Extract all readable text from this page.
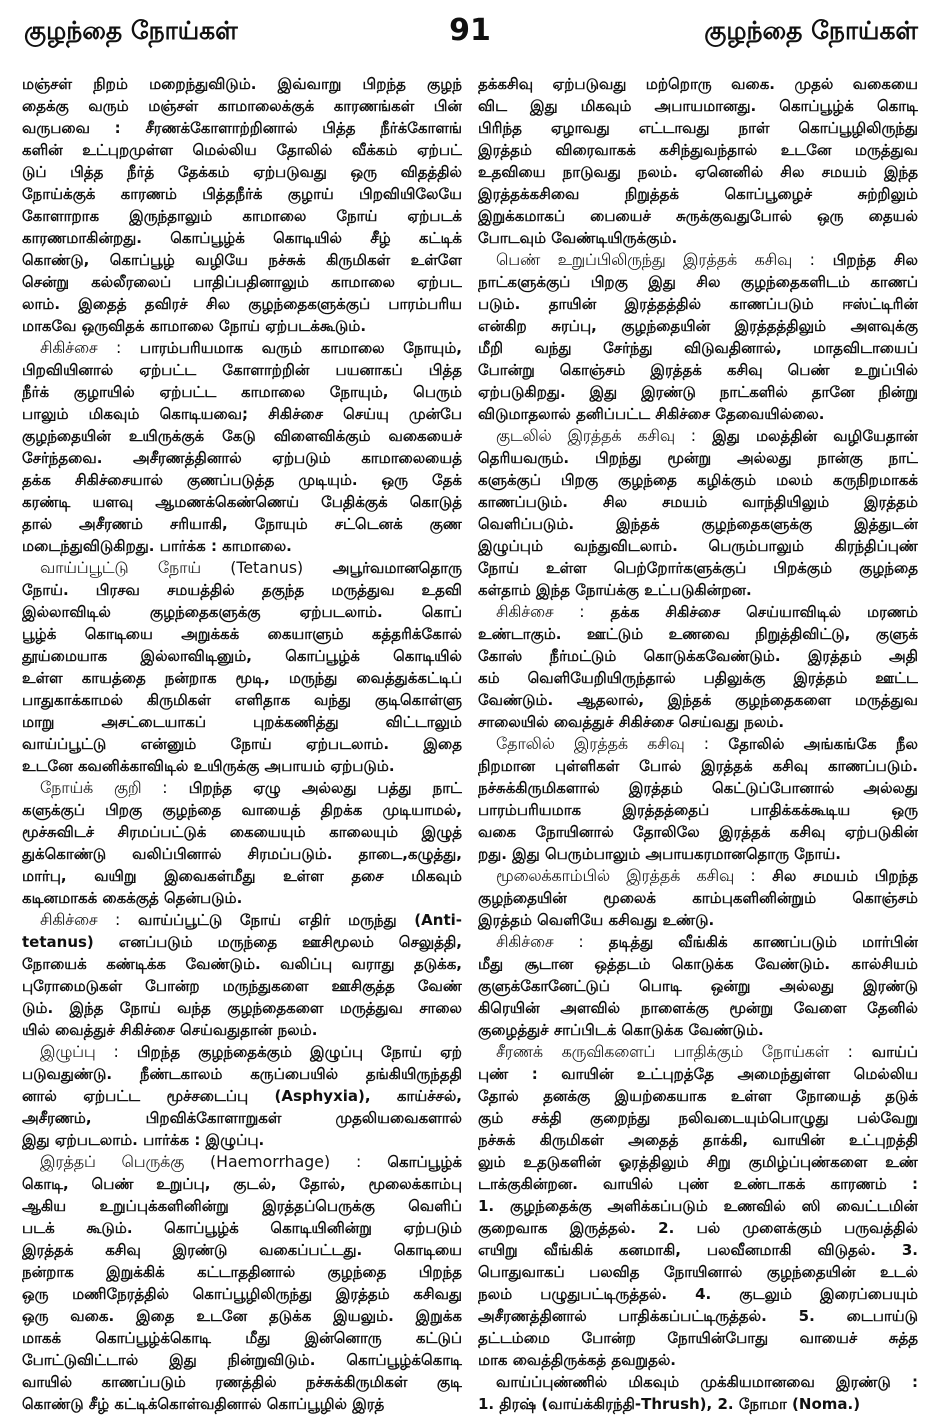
குழந்தை நோய்கள்	91	குழந்தை நோய்கள்
மஞ்சள் நிறம் மறைந்துவிடும். இவ்வாறு பிறந்த குழந்
தைக்கு வரும் மஞ்சள் காமாலைக்குக் காரணங்கள் பின்
வருபவை : சீரணக்கோளாற்றினால் பித்த நீர்க்கோளங்
களின் உட்புறமுள்ள மெல்லிய தோலில் வீக்கம் ஏற்பட்
டுப் பித்த நீர்த் தேக்கம் ஏற்படுவது ஒரு விதத்தில்
நோய்க்குக் காரணம் பித்தநீர்க் குழாய் பிறவியிலேயே
கோளாறாக இருந்தாலும் காமாலை நோய் ஏற்படக்
காரணமாகின்றது. கொப்பூழ்க் கொடியில் சீழ் கட்டிக்
கொண்டு, கொப்பூழ் வழியே நச்சுக் கிருமிகள் உள்ளே
சென்று கல்லீரலைப் பாதிப்பதினாலும் காமாலை ஏற்பட
லாம். இதைத் தவிரச் சில குழந்தைகளுக்குப் பாரம்பரிய
மாகவே ஒருவிதக் காமாலை நோய் ஏற்படக்கூடும்.
சிகிச்சை : பாரம்பரியமாக வரும் காமாலை நோயும்,
பிறவியினால் ஏற்பட்ட கோளாற்றின் பயனாகப் பித்த
நீர்க் குழாயில் ஏற்பட்ட காமாலை நோயும், பெரும்
பாலும் மிகவும் கொடியவை; சிகிச்சை செய்யு முன்பே
குழந்தையின் உயிருக்குக் கேடு விளைவிக்கும் வகையைச்
சேர்ந்தவை. அசீரணத்தினால் ஏற்படும் காமாலையைத்
தக்க சிகிச்சையால் குணப்படுத்த முடியும். ஒரு தேக்
கரண்டி யளவு ஆமணக்கெண்ணெய் பேதிக்குக் கொடுத்
தால் அசீரணம் சரியாகி, நோயும் சட்டெனக் குண
மடைந்துவிடுகிறது. பார்க்க : காமாலை.
வாய்ப்பூட்டு நோய் (Tetanus) அபூர்வமானதொரு
நோய். பிரசவ சமயத்தில் தகுந்த மருத்துவ உதவி
இல்லாவிடில் குழந்தைகளுக்கு ஏற்படலாம். கொப்
பூழ்க் கொடியை அறுக்கக் கையாளும் கத்தரிக்கோல்
தூய்மையாக இல்லாவிடினும், கொப்பூழ்க் கொடியில்
உள்ள காயத்தை நன்றாக மூடி, மருந்து வைத்துக்கட்டிப்
பாதுகாக்காமல் கிருமிகள் எளிதாக வந்து குடிகொள்ளு
மாறு அசட்டையாகப் புறக்கணித்து விட்டாலும்
வாய்ப்பூட்டு என்னும் நோய் ஏற்படலாம். இதை
உடனே கவனிக்காவிடில் உயிருக்கு அபாயம் ஏற்படும்.
நோய்க் குறி : பிறந்த ஏழு அல்லது பத்து நாட்
களுக்குப் பிறகு குழந்தை வாயைத் திறக்க முடியாமல்,
மூச்சுவிடச் சிரமப்பட்டுக் கையையும் காலையும் இழுத்
துக்கொண்டு வலிப்பினால் சிரமப்படும். தாடை,கழுத்து,
மார்பு, வயிறு இவைகள்மீது உள்ள தசை மிகவும்
கடினமாகக் கைக்குத் தென்படும்.
சிகிச்சை : வாய்ப்பூட்டு நோய் எதிர் மருந்து (Anti-
tetanus) எனப்படும் மருந்தை ஊசிமூலம் செலுத்தி,
நோயைக் கண்டிக்க வேண்டும். வலிப்பு வராது தடுக்க,
புரோமைடுகள் போன்ற மருந்துகளை ஊசிகுத்த வேண்
டும். இந்த நோய் வந்த குழந்தைகளை மருத்துவ சாலை
யில் வைத்துச் சிகிச்சை செய்வதுதான் நலம்.
இழுப்பு : பிறந்த குழந்தைக்கும் இழுப்பு நோய் ஏற்
படுவதுண்டு. நீண்டகாலம் கருப்பையில் தங்கியிருந்ததி
னால் ஏற்பட்ட மூச்சடைப்பு (Asphyxia), காய்ச்சல்,
அசீரணம், பிறவிக்கோளாறுகள் முதலியவைகளால்
இது ஏற்படலாம். பார்க்க : இழுப்பு.
இரத்தப் பெருக்கு (Haemorrhage) : கொப்பூழ்க்
கொடி, பெண் உறுப்பு, குடல், தோல், மூலைக்காம்பு
ஆகிய உறுப்புக்களினின்று இரத்தப்பெருக்கு வெளிப்
படக் கூடும். கொப்பூழ்க் கொடியினின்று ஏற்படும்
இரத்தக் கசிவு இரண்டு வகைப்பட்டது. கொடியை
நன்றாக இறுக்கிக் கட்டாததினால் குழந்தை பிறந்த
ஒரு மணிநேரத்தில் கொப்பூழிலிருந்து இரத்தம் கசிவது
ஒரு வகை. இதை உடனே தடுக்க இயலும். இறுக்க
மாகக் கொப்பூழ்க்கொடி மீது இன்னொரு கட்டுப்
போட்டுவிட்டால் இது நின்றுவிடும். கொப்பூழ்க்கொடி
வாயில் காணப்படும் ரணத்தில் நச்சுக்கிருமிகள் குடி
கொண்டு சீழ் கட்டிக்கொள்வதினால் கொப்பூழில் இரத்
தக்கசிவு ஏற்படுவது மற்றொரு வகை. முதல் வகையை
விட இது மிகவும் அபாயமானது. கொப்பூழ்க் கொடி
பிரிந்த ஏழாவது எட்டாவது நாள் கொப்பூழிலிருந்து
இரத்தம் விரைவாகக் கசிந்துவந்தால் உடனே மருத்துவ
உதவியை நாடுவது நலம். ஏனெனில் சில சமயம் இந்த
இரத்தக்கசிவை நிறுத்தக் கொப்பூழைச் சுற்றிலும்
இறுக்கமாகப் பையைச் சுருக்குவதுபோல் ஒரு தையல்
போடவும் வேண்டியிருக்கும்.
பெண் உறுப்பிலிருந்து இரத்தக் கசிவு : பிறந்த சில
நாட்களுக்குப் பிறகு இது சில குழந்தைகளிடம் காணப்
படும். தாயின் இரத்தத்தில் காணப்படும் ஈஸ்ட்டிரின்
என்கிற சுரப்பு, குழந்தையின் இரத்தத்திலும் அளவுக்கு
மீறி வந்து சேர்ந்து விடுவதினால், மாதவிடாயைப்
போன்று கொஞ்சம் இரத்தக் கசிவு பெண் உறுப்பில்
ஏற்படுகிறது. இது இரண்டு நாட்களில் தானே நின்று
விடுமாதலால் தனிப்பட்ட சிகிச்சை தேவையில்லை.
குடலில் இரத்தக் கசிவு : இது மலத்தின் வழியேதான்
தெரியவரும். பிறந்து மூன்று அல்லது நான்கு நாட்
களுக்குப் பிறகு குழந்தை கழிக்கும் மலம் கருநிறமாகக்
காணப்படும். சில சமயம் வாந்தியிலும் இரத்தம்
வெளிப்படும். இந்தக் குழந்தைகளுக்கு இத்துடன்
இழுப்பும் வந்துவிடலாம். பெரும்பாலும் கிரந்திப்புண்
நோய் உள்ள பெற்றோர்களுக்குப் பிறக்கும் குழந்தை
கள்தாம் இந்த நோய்க்கு உட்படுகின்றன.
சிகிச்சை : தக்க சிகிச்சை செய்யாவிடில் மரணம்
உண்டாகும். ஊட்டும் உணவை நிறுத்திவிட்டு, குளுக்
கோஸ் நீர்மட்டும் கொடுக்கவேண்டும். இரத்தம் அதி
கம் வெளியேறியிருந்தால் பதிலுக்கு இரத்தம் ஊட்ட
வேண்டும். ஆதலால், இந்தக் குழந்தைகளை மருத்துவ
சாலையில் வைத்துச் சிகிச்சை செய்வது நலம்.
தோலில் இரத்தக் கசிவு : தோலில் அங்கங்கே நீல
நிறமான புள்ளிகள் போல் இரத்தக் கசிவு காணப்படும்.
நச்சுக்கிருமிகளால் இரத்தம் கெட்டுப்போனால் அல்லது
பாரம்பரியமாக இரத்தத்தைப் பாதிக்கக்கூடிய ஒரு
வகை நோயினால் தோலிலே இரத்தக் கசிவு ஏற்படுகின்
றது. இது பெரும்பாலும் அபாயகரமானதொரு நோய்.
மூலைக்காம்பில் இரத்தக் கசிவு : சில சமயம் பிறந்த
குழந்தையின் மூலைக் காம்புகளினின்றும் கொஞ்சம்
இரத்தம் வெளியே கசிவது உண்டு.
சிகிச்சை : தடித்து வீங்கிக் காணப்படும் மார்பின்
மீது சூடான ஒத்தடம் கொடுக்க வேண்டும். கால்சியம்
குளுக்கோனேட்டுப் பொடி ஒன்று அல்லது இரண்டு
கிரெயின் அளவில் நாளைக்கு மூன்று வேளை தேனில்
குழைத்துச் சாப்பிடக் கொடுக்க வேண்டும்.
சீரணக் கருவிகளைப் பாதிக்கும் நோய்கள் : வாய்ப்
புண் : வாயின் உட்புறத்தே அமைந்துள்ள மெல்லிய
தோல் தனக்கு இயற்கையாக உள்ள நோயைத் தடுக்
கும் சக்தி குறைந்து நலிவடையும்பொழுது பல்வேறு
நச்சுக் கிருமிகள் அதைத் தாக்கி, வாயின் உட்புறத்தி
லும் உதடுகளின் ஓரத்திலும் சிறு குமிழ்ப்புண்களை உண்
டாக்குகின்றன. வாயில் புண் உண்டாகக் காரணம் :
1. குழந்தைக்கு அளிக்கப்படும் உணவில் ஸி வைட்டமின்
குறைவாக இருத்தல். 2. பல் முளைக்கும் பருவத்தில்
எயிறு வீங்கிக் கனமாகி, பலவீனமாகி விடுதல். 3.
பொதுவாகப் பலவித நோயினால் குழந்தையின் உடல்
நலம் பழுதுபட்டிருத்தல். 4. குடலும் இரைப்பையும்
அசீரணத்தினால் பாதிக்கப்பட்டிருத்தல். 5. டைபாய்டு
தட்டம்மை போன்ற நோயின்போது வாயைச் சுத்த
மாக வைத்திருக்கத் தவறுதல்.
வாய்ப்புண்ணில் மிகவும் முக்கியமானவை இரண்டு :
1. திரஷ் (வாய்க்கிரந்தி-Thrush), 2. நோமா (Noma.)
